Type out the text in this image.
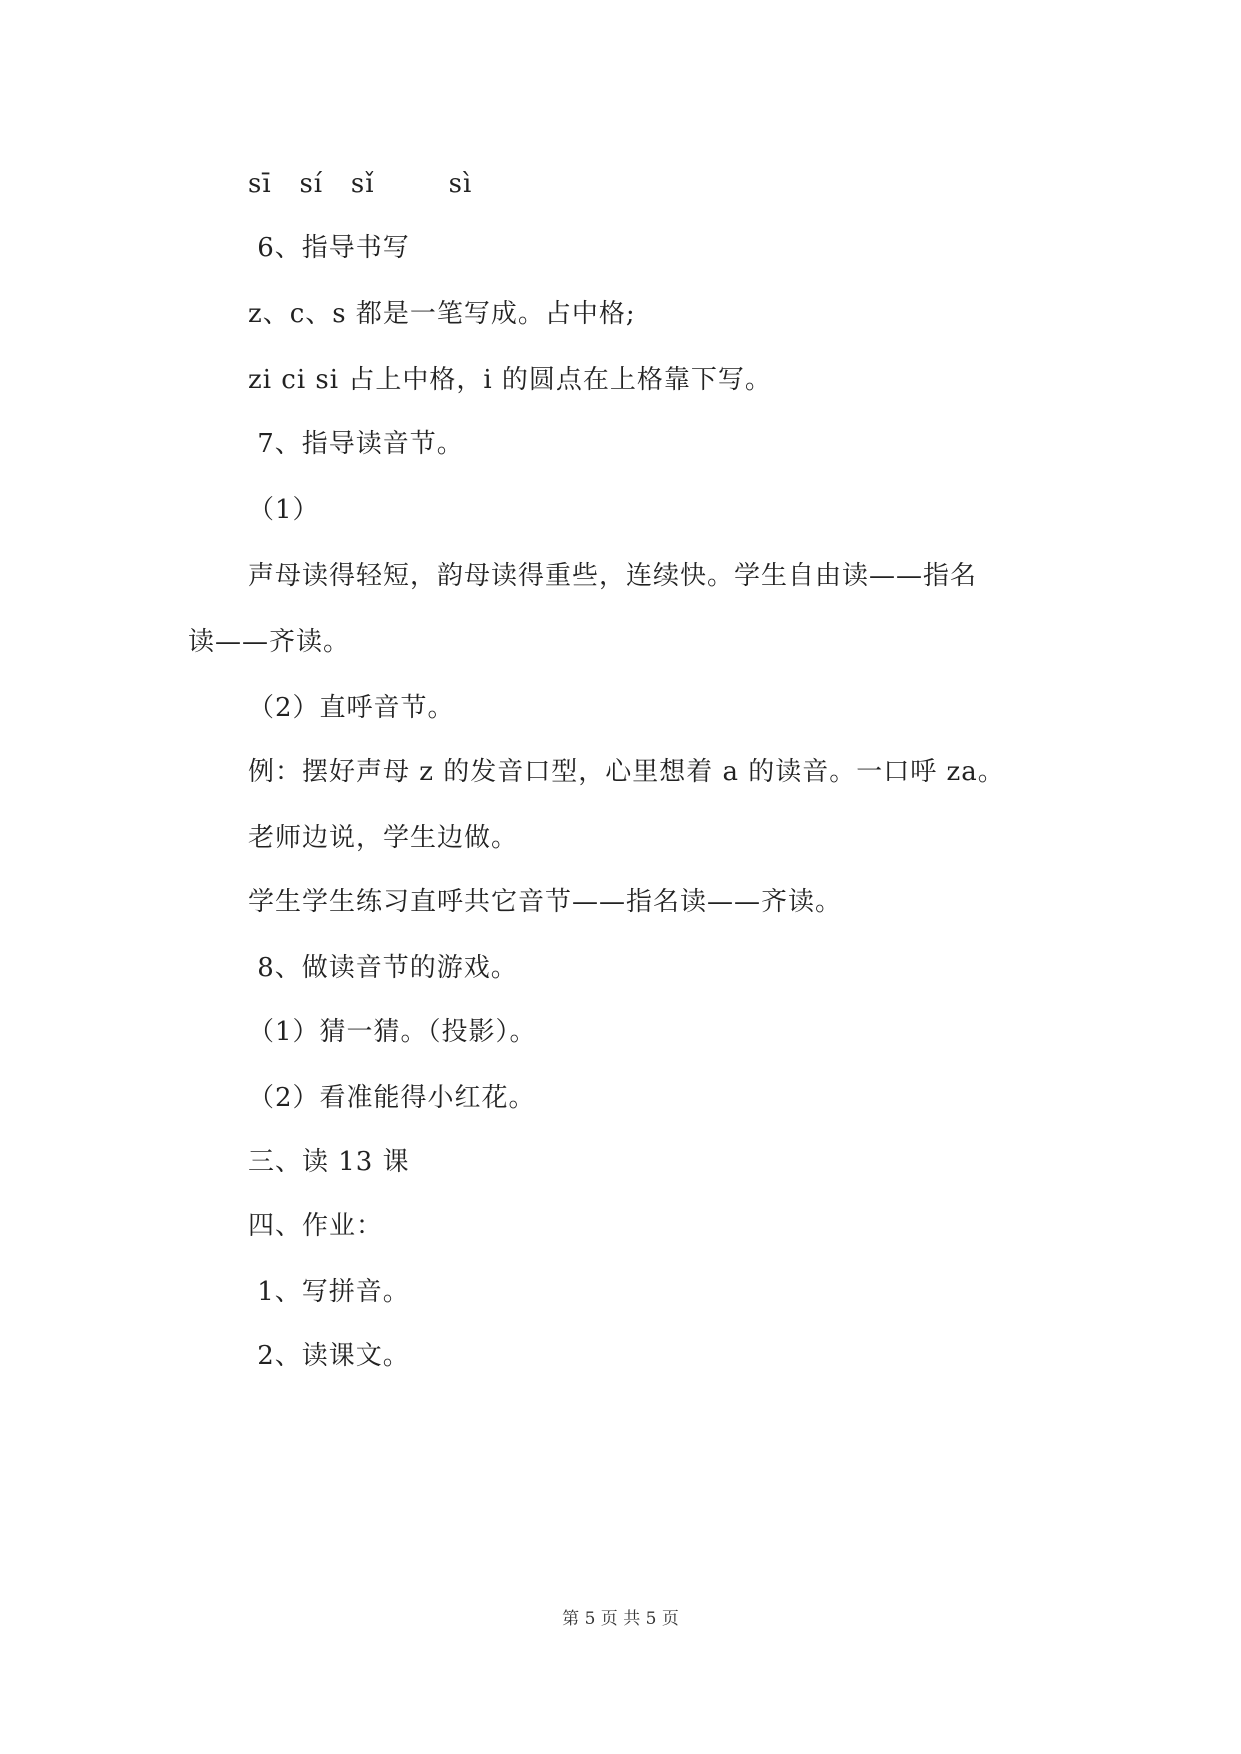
sī   sí   sǐ        sì
6、指导书写
z、c、s 都是一笔写成。占中格;
zi ci si 占上中格，i 的圆点在上格靠下写。
7、指导读音节。
（1）
声母读得轻短，韵母读得重些，连续快。学生自由读——指名
读——齐读。
（2）直呼音节。
例：摆好声母 z 的发音口型，心里想着 a 的读音。一口呼 za。
老师边说，学生边做。
学生学生练习直呼共它音节——指名读——齐读。
8、做读音节的游戏。
（1）猜一猜。（投影）。
（2）看准能得小红花。
三、读 13 课
四、作业：
1、写拼音。
2、读课文。
第 5 页 共 5 页
